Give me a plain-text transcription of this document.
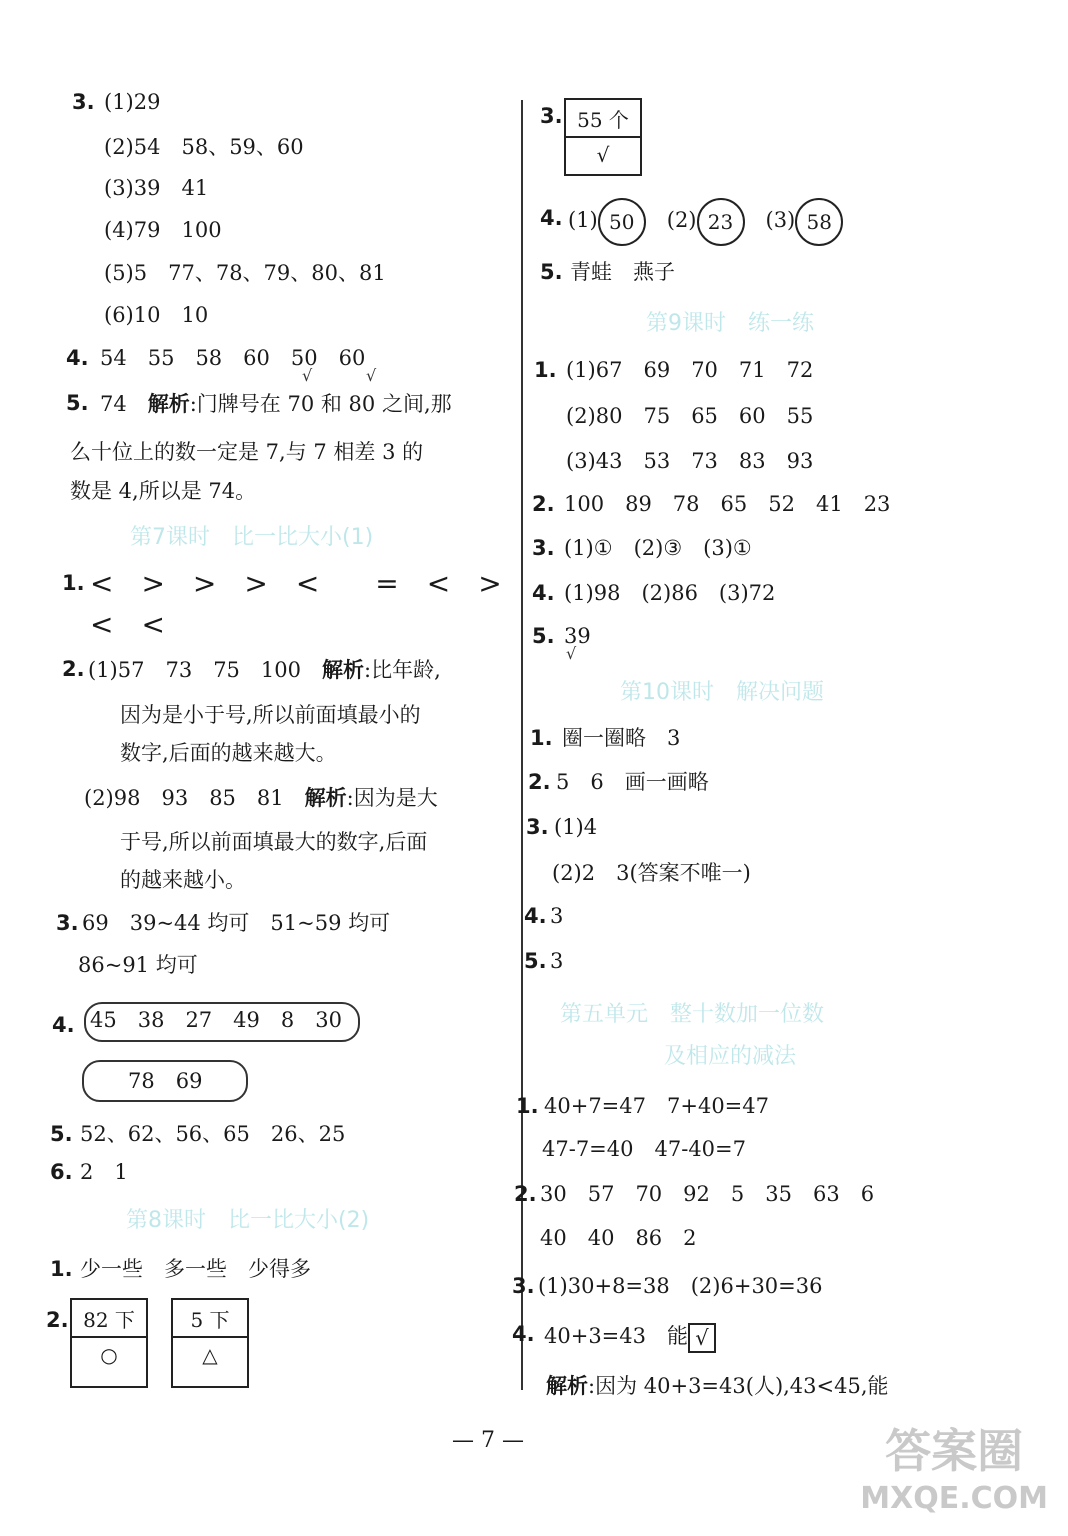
3. (1)29
(2)54　58、59、60
(3)39　41
(4)79　100
(5)5　77、78、79、80、81
(6)10　10
4. 54　55　58　60　50　60
√	√
5. 74　解析:门牌号在 70 和 80 之间,那
么十位上的数一定是 7,与 7 相差 3 的
数是 4,所以是 74。
第7课时　比一比大小(1)
1. <　>　>　>　<　　=　<　>
<　<
2. (1)57　73　75　100　解析:比年龄,
因为是小于号,所以前面填最小的
数字,后面的越来越大。
(2)98　93　85　81　解析:因为是大
于号,所以前面填最大的数字,后面
的越来越小。
3. 69　39~44 均可　51~59 均可
86~91 均可
4. 45　38　27　49　8　30
78　69
5. 52、62、56、65　26、25
6. 2　1
第8课时　比一比大小(2)
1. 少一些　多一些　少得多
2. 82 下
○
5 下
△
3. 55 个
√
4. (1) 50　 (2) 23　 (3) 58
5. 青蛙　燕子
第9课时　练一练
1. (1)67　69　70　71　72
(2)80　75　65　60　55
(3)43　53　73　83　93
2. 100　89　78　65　52　41　23
3. (1)①　(2)③　(3)①
4. (1)98　(2)86　(3)72
5. 39
√
第10课时　解决问题
1. 圈一圈略　3
2. 5　6　画一画略
3. (1)4
(2)2　3(答案不唯一)
4. 3
5. 3
第五单元　整十数加一位数
及相应的减法
1. 40+7=47　7+40=47
47-7=40　47-40=7
2. 30　57　70　92　5　35　63　6
40　40　86　2
3. (1)30+8=38　(2)6+30=36
4. 40+3=43　能 √
解析:因为 40+3=43(人),43<45,能
— 7 —	答案圈
MXQE.COM
